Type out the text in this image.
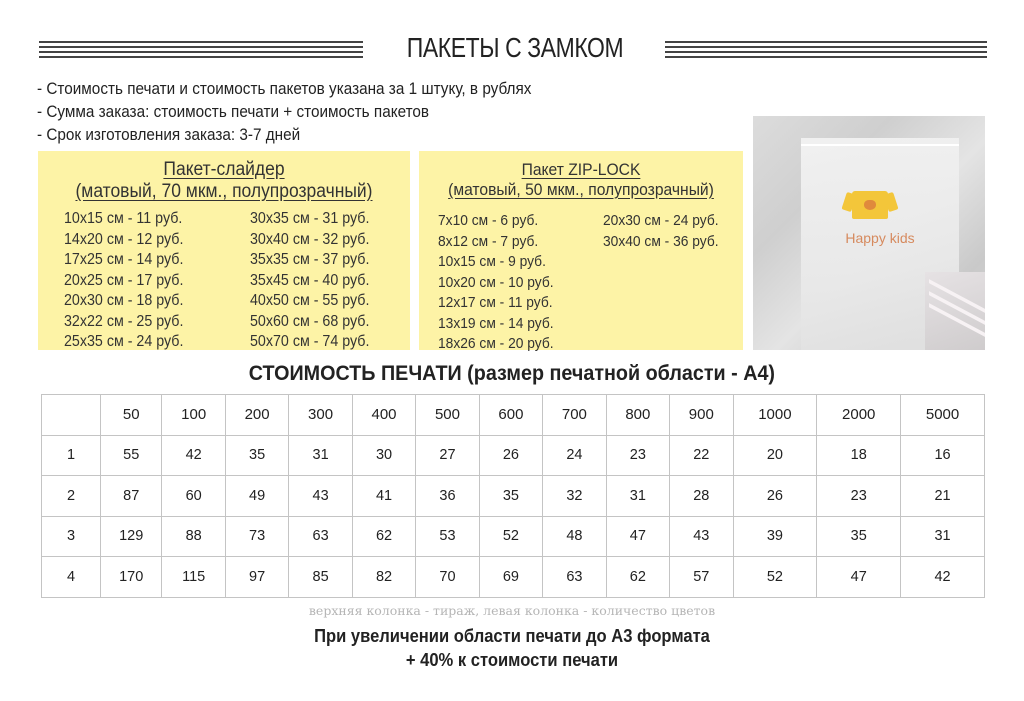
ПАКЕТЫ С ЗАМКОМ
- Стоимость печати и стоимость пакетов указана за 1 штуку, в рублях
- Сумма заказа: стоимость печати + стоимость пакетов
- Срок изготовления заказа: 3-7 дней
Пакет-слайдер
(матовый, 70 мкм., полупрозрачный)
10x15 см - 11 руб.
14x20 см - 12 руб.
17x25 см - 14 руб.
20x25 см - 17 руб.
20x30 см - 18 руб.
32x22 см - 25 руб.
25x35 см - 24 руб.
30x35 см - 31 руб.
30x40 см - 32 руб.
35x35 см - 37 руб.
35x45 см - 40 руб.
40x50 см - 55 руб.
50x60 см - 68 руб.
50x70 см - 74 руб.
Пакет ZIP-LOCK
(матовый, 50 мкм., полупрозрачный)
7x10 см - 6 руб.
8x12 см - 7 руб.
10x15 см - 9 руб.
10x20 см - 10 руб.
12x17 см - 11 руб.
13x19 см - 14 руб.
18x26 см - 20 руб.
20x30 см - 24 руб.
30x40 см - 36 руб.	Happy kids
СТОИМОСТЬ ПЕЧАТИ (размер печатной области - А4)
	50	100	200	300	400	500	600	700	800	900	1000	2000	5000
1	55	42	35	31	30	27	26	24	23	22	20	18	16
2	87	60	49	43	41	36	35	32	31	28	26	23	21
3	129	88	73	63	62	53	52	48	47	43	39	35	31
4	170	115	97	85	82	70	69	63	62	57	52	47	42
верхняя колонка - тираж, левая колонка - количество цветов
При увеличении области печати до А3 формата
+ 40% к стоимости печати
